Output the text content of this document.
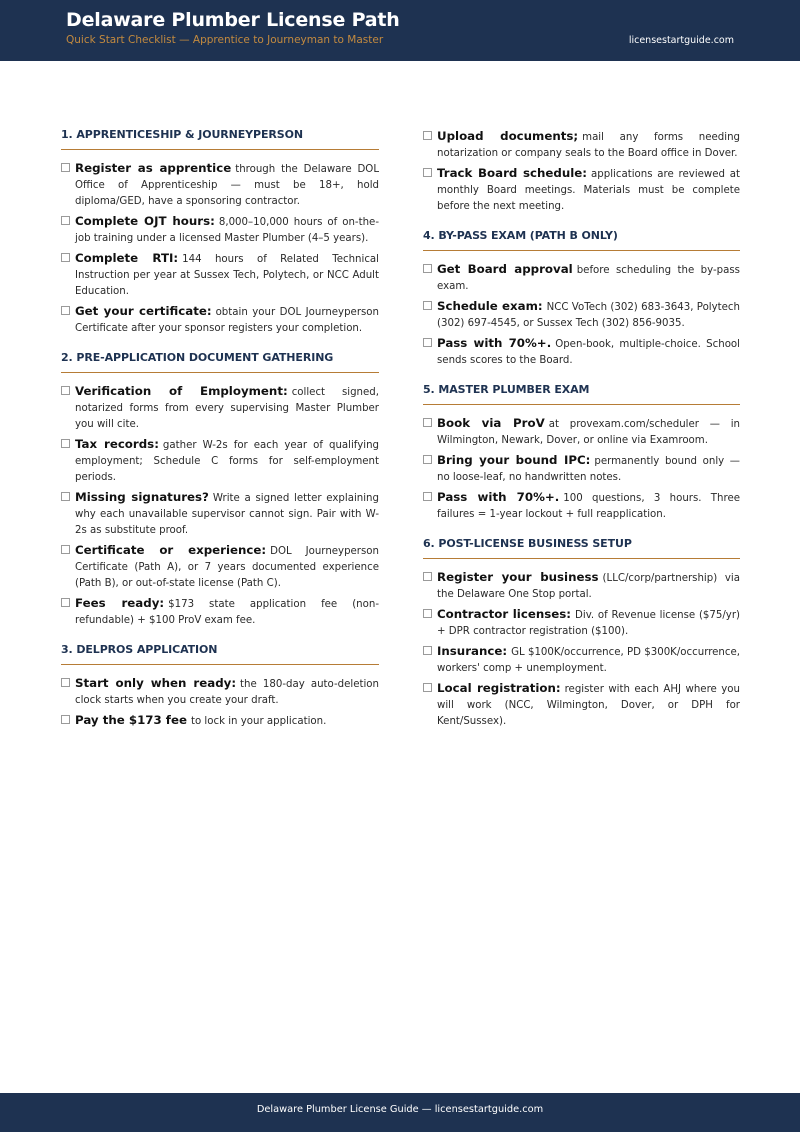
Delaware Plumber License Path
Quick Start Checklist — Apprentice to Journeyman to Master	licensestartguide.com
1. APPRENTICESHIP & JOURNEYPERSON
Register as apprentice through the Delaware DOL Office of Apprenticeship — must be 18+, hold diploma/GED, have a sponsoring contractor.
Complete OJT hours: 8,000–10,000 hours of on-the-job training under a licensed Master Plumber (4–5 years).
Complete RTI: 144 hours of Related Technical Instruction per year at Sussex Tech, Polytech, or NCC Adult Education.
Get your certificate: obtain your DOL Journeyperson Certificate after your sponsor registers your completion.
2. PRE-APPLICATION DOCUMENT GATHERING
Verification of Employment: collect signed, notarized forms from every supervising Master Plumber you will cite.
Tax records: gather W-2s for each year of qualifying employment; Schedule C forms for self-employment periods.
Missing signatures? Write a signed letter explaining why each unavailable supervisor cannot sign. Pair with W-2s as substitute proof.
Certificate or experience: DOL Journeyperson Certificate (Path A), or 7 years documented experience (Path B), or out-of-state license (Path C).
Fees ready: $173 state application fee (non-refundable) + $100 ProV exam fee.
3. DELPROS APPLICATION
Start only when ready: the 180-day auto-deletion clock starts when you create your draft.
Pay the $173 fee to lock in your application.
Upload documents; mail any forms needing notarization or company seals to the Board office in Dover.
Track Board schedule: applications are reviewed at monthly Board meetings. Materials must be complete before the next meeting.
4. BY-PASS EXAM (PATH B ONLY)
Get Board approval before scheduling the by-pass exam.
Schedule exam: NCC VoTech (302) 683-3643, Polytech (302) 697-4545, or Sussex Tech (302) 856-9035.
Pass with 70%+. Open-book, multiple-choice. School sends scores to the Board.
5. MASTER PLUMBER EXAM
Book via ProV at provexam.com/scheduler — in Wilmington, Newark, Dover, or online via Examroom.
Bring your bound IPC: permanently bound only — no loose-leaf, no handwritten notes.
Pass with 70%+. 100 questions, 3 hours. Three failures = 1-year lockout + full reapplication.
6. POST-LICENSE BUSINESS SETUP
Register your business (LLC/corp/partnership) via the Delaware One Stop portal.
Contractor licenses: Div. of Revenue license ($75/yr) + DPR contractor registration ($100).
Insurance: GL $100K/occurrence, PD $300K/occurrence, workers' comp + unemployment.
Local registration: register with each AHJ where you will work (NCC, Wilmington, Dover, or DPH for Kent/Sussex).
Delaware Plumber License Guide — licensestartguide.com
